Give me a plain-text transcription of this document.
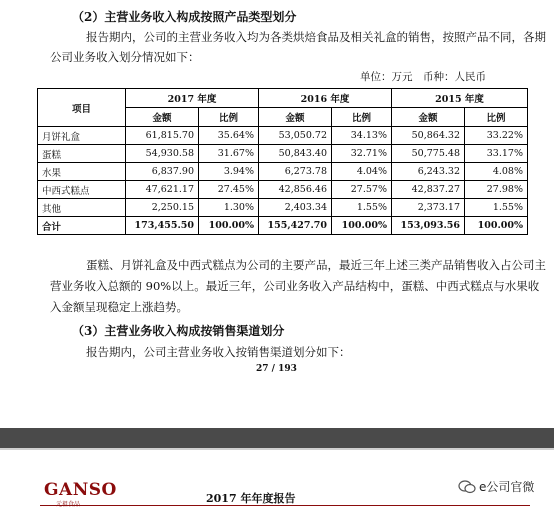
（2）主营业务收入构成按照产品类型划分
报告期内，公司的主营业务收入均为各类烘焙食品及相关礼盒的销售，按照产品不同，各期
公司业务收入划分情况如下：
单位：万元　币种：人民币
项目	2017 年度		2016 年度		2015 年度	
	金额	比例	金额	比例	金额	比例
月饼礼盒	61,815.70	35.64%	53,050.72	34.13%	50,864.32	33.22%
蛋糕	54,930.58	31.67%	50,843.40	32.71%	50,775.48	33.17%
水果	6,837.90	3.94%	6,273.78	4.04%	6,243.32	4.08%
中西式糕点	47,621.17	27.45%	42,856.46	27.57%	42,837.27	27.98%
其他	2,250.15	1.30%	2,403.34	1.55%	2,373.17	1.55%
合计	173,455.50	100.00%	155,427.70	100.00%	153,093.56	100.00%
蛋糕、月饼礼盒及中西式糕点为公司的主要产品，最近三年上述三类产品销售收入占公司主
营业务收入总额的 90%以上。最近三年，公司业务收入产品结构中，蛋糕、中西式糕点与水果收
入金额呈现稳定上涨趋势。
（3）主营业务收入构成按销售渠道划分
报告期内，公司主营业务收入按销售渠道划分如下：
27 / 193
GANSO	2017 年年度报告
e公司官微
